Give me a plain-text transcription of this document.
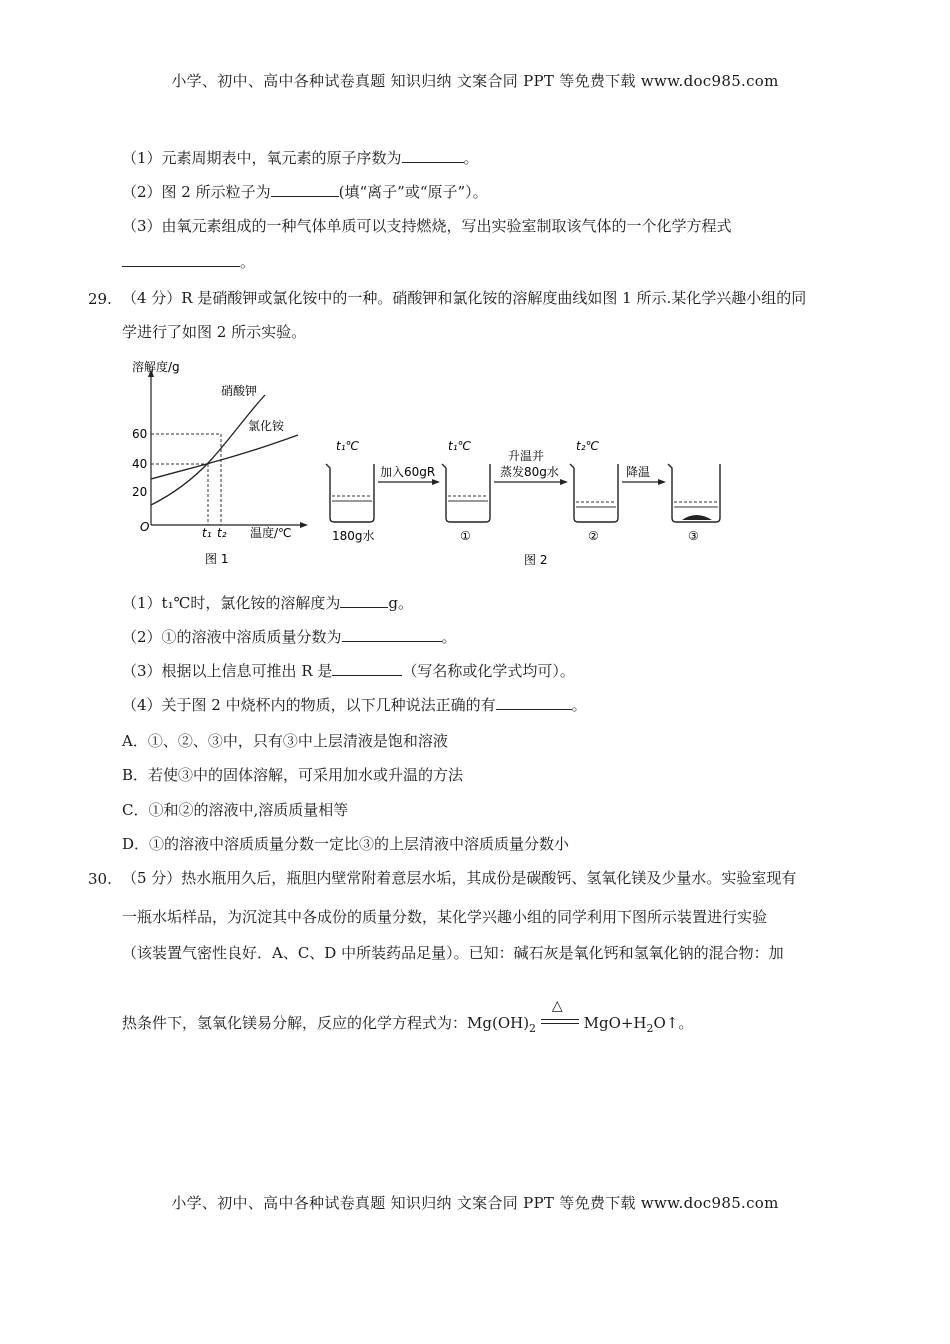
小学、初中、高中各种试卷真题 知识归纳 文案合同 PPT 等免费下载 www.doc985.com
（1）元素周期表中，氧元素的原子序数为	。
（2）图 2 所示粒子为	(填“离子”或“原子”）。
（3）由氧元素组成的一种气体单质可以支持燃烧，写出实验室制取该气体的一个化学方程式
。
29. （4 分）R 是硝酸钾或氯化铵中的一种。硝酸钾和氯化铵的溶解度曲线如图 1 所示.某化学兴趣小组的同
学进行了如图 2 所示实验。
溶解度/g
硝酸钾
氯化铵
60
40
20
O	t₁ t₂ 温度/℃
图 1
t₁℃	t₁℃	t₂℃
加入60gR
升温并
蒸发80g水	降温
180g水	①	②	③
图 2
（1）t₁℃时，氯化铵的溶解度为	g。
（2）①的溶液中溶质质量分数为	。
（3）根据以上信息可推出 R 是	（写名称或化学式均可）。
（4）关于图 2 中烧杯内的物质，以下几种说法正确的有	。
A．①、②、③中，只有③中上层清液是饱和溶液
B．若使③中的固体溶解，可采用加水或升温的方法
C．①和②的溶液中,溶质质量相等
D．①的溶液中溶质质量分数一定比③的上层清液中溶质质量分数小
30. （5 分）热水瓶用久后，瓶胆内壁常附着意层水垢，其成份是碳酸钙、氢氧化镁及少量水。实验室现有
一瓶水垢样品，为沉淀其中各成份的质量分数，某化学兴趣小组的同学利用下图所示装置进行实验
（该装置气密性良好．A、C、D 中所装药品足量）。已知：碱石灰是氧化钙和氢氧化钠的混合物：加
热条件下，氢氧化镁易分解，反应的化学方程式为：$Mg(OH)_2$
△
$MgO+H_2O↑$。
小学、初中、高中各种试卷真题 知识归纳 文案合同 PPT 等免费下载 www.doc985.com
